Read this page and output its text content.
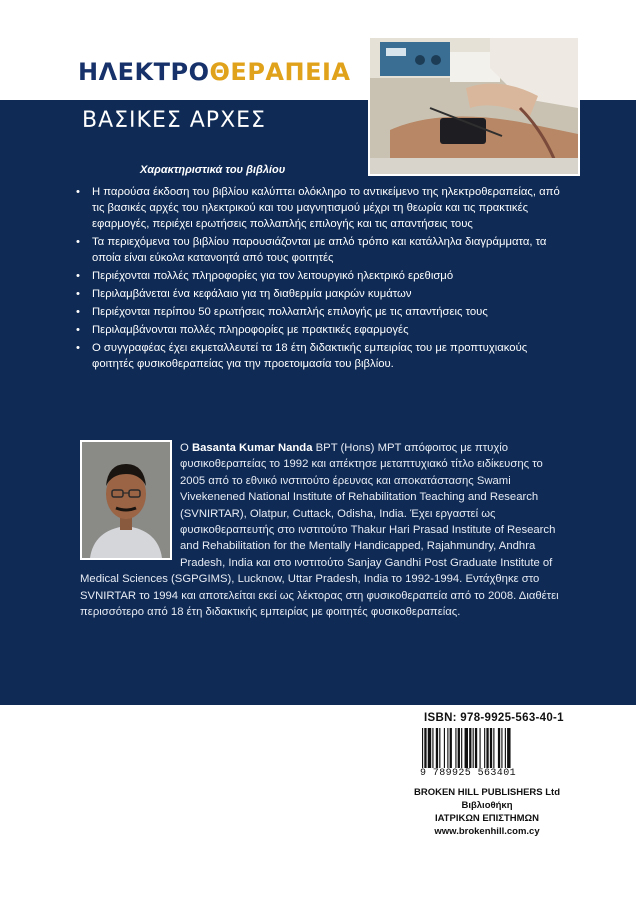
ΗΛΕΚΤΡΟΘΕΡΑΠΕΙΑ
ΒΑΣΙΚΕΣ ΑΡΧΕΣ
Χαρακτηριστικά του βιβλίου
• Η παρούσα έκδοση του βιβλίου καλύπτει ολόκληρο το αντικείμενο της ηλεκτροθεραπείας, από τις βασικές αρχές του ηλεκτρικού και του μαγνητισμού μέχρι τη θεωρία και τις πρακτικές εφαρμογές, περιέχει ερωτήσεις πολλαπλής επιλογής και τις απαντήσεις τους
• Τα περιεχόμενα του βιβλίου παρουσιάζονται με απλό τρόπο και κατάλληλα διαγράμματα, τα οποία είναι εύκολα κατανοητά από τους φοιτητές
• Περιέχονται πολλές πληροφορίες για τον λειτουργικό ηλεκτρικό ερεθισμό
• Περιλαμβάνεται ένα κεφάλαιο για τη διαθερμία μακρών κυμάτων
• Περιέχονται περίπου 50 ερωτήσεις πολλαπλής επιλογής με τις απαντήσεις τους
• Περιλαμβάνονται πολλές πληροφορίες με πρακτικές εφαρμογές
• Ο συγγραφέας έχει εκμεταλλευτεί τα 18 έτη διδακτικής εμπειρίας του με προπτυχιακούς φοιτητές φυσικοθεραπείας για την προετοιμασία του βιβλίου.

Ο Basanta Kumar Nanda BPT (Hons) MPT απόφοιτος με πτυχίο φυσικοθεραπείας το 1992 και απέκτησε μεταπτυχιακό τίτλο ειδίκευσης το 2005 από το εθνικό ινστιτούτο έρευνας και αποκατάστασης Swami Vivekenened National Institute of Rehabilitation Teaching and Research (SVNIRTAR), Olatpur, Cuttack, Odisha, India. Έχει εργαστεί ως φυσικοθεραπευτής στο ινστιτούτο Thakur Hari Prasad Institute of Research and Rehabilitation for the Mentally Handicapped, Rajahmundry, Andhra Pradesh, India και στο ινστιτούτο Sanjay Gandhi Post Graduate Institute of Medical Sciences (SGPGIMS), Lucknow, Uttar Pradesh, India το 1992-1994. Εντάχθηκε στο SVNIRTAR το 1994 και αποτελείται εκεί ως λέκτορας στη φυσικοθεραπεία από το 2008. Διαθέτει περισσότερο από 18 έτη διδακτικής εμπειρίας με φοιτητές φυσικοθεραπείας.

ISBN: 978-9925-563-40-1
9 789925 563401
BROKEN HILL PUBLISHERS Ltd
Βιβλιοθήκη
ΙΑΤΡΙΚΩΝ ΕΠΙΣΤΗΜΩΝ
www.brokenhill.com.cy
